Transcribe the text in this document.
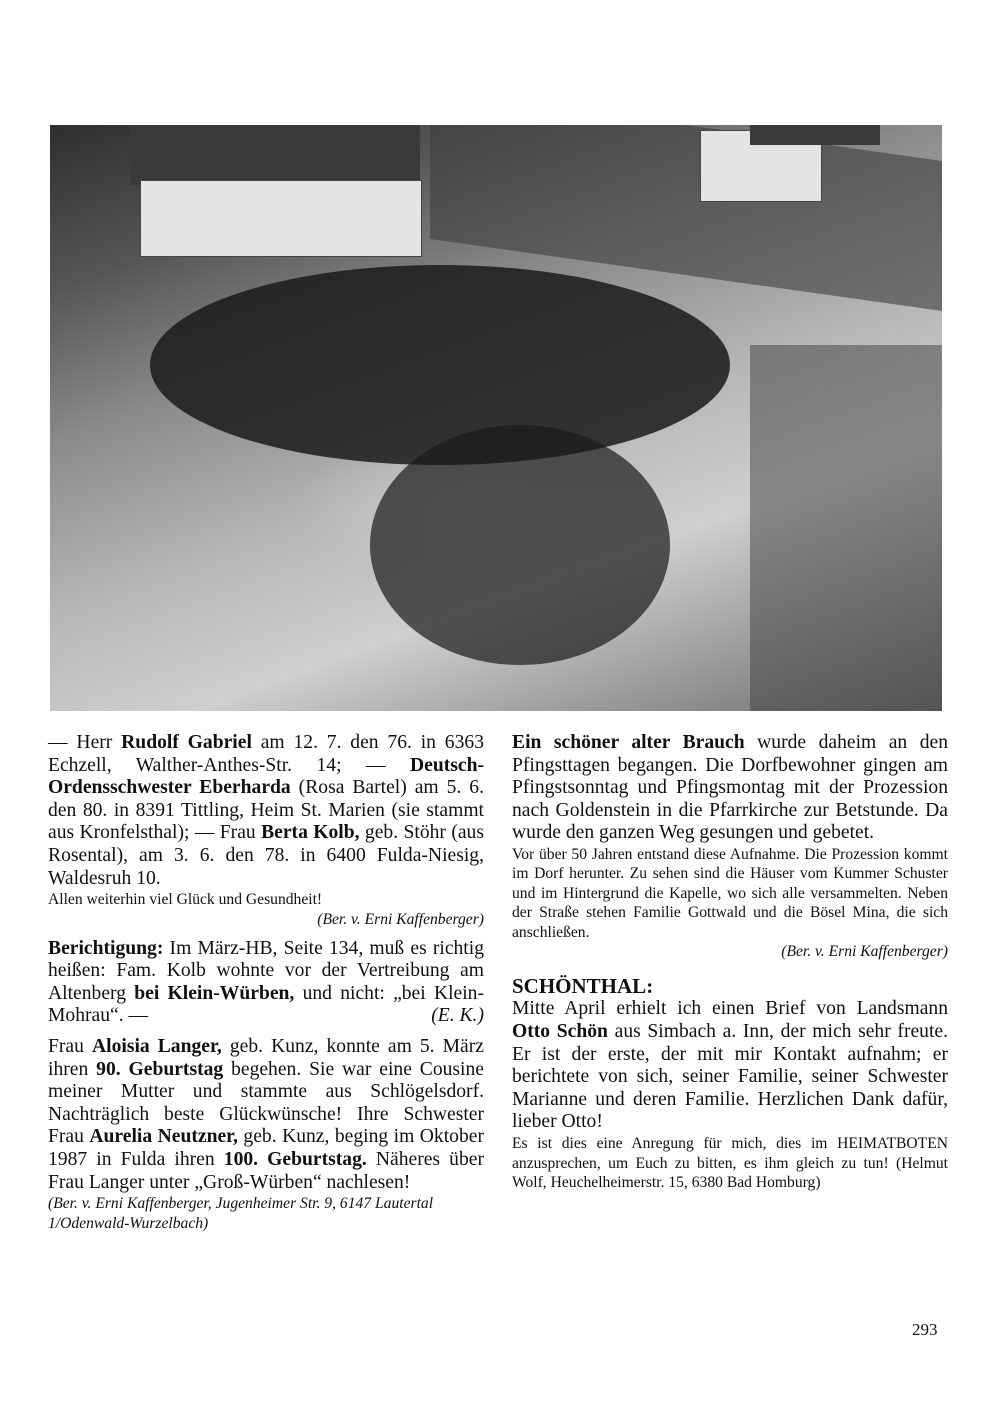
— Herr Rudolf Gabriel am 12. 7. den 76. in 6363 Echzell, Walther-Anthes-Str. 14; — Deutsch-Ordensschwester Eberharda (Rosa Bartel) am 5. 6. den 80. in 8391 Tittling, Heim St. Marien (sie stammt aus Kronfelsthal); — Frau Berta Kolb, geb. Stöhr (aus Rosental), am 3. 6. den 78. in 6400 Fulda-Niesig, Waldesruh 10.

Allen weiterhin viel Glück und Gesundheit!

(Ber. v. Erni Kaffenberger)

Berichtigung: Im März-HB, Seite 134, muß es richtig heißen: Fam. Kolb wohnte vor der Vertreibung am Altenberg bei Klein-Würben, und nicht: „bei Klein-Mohrau“. —	(E. K.)

Frau Aloisia Langer, geb. Kunz, konnte am 5. März ihren 90. Geburtstag begehen. Sie war eine Cousine meiner Mutter und stammte aus Schlögelsdorf. Nachträglich beste Glückwünsche! Ihre Schwester Frau Aurelia Neutzner, geb. Kunz, beging im Oktober 1987 in Fulda ihren 100. Geburtstag. Näheres über Frau Langer unter „Groß-Würben“ nachlesen!

(Ber. v. Erni Kaffenberger, Jugenheimer Str. 9, 6147 Lautertal 1/Odenwald-Wurzelbach)

Ein schöner alter Brauch wurde daheim an den Pfingsttagen begangen. Die Dorfbewohner gingen am Pfingstsonntag und Pfingsmontag mit der Prozession nach Goldenstein in die Pfarrkirche zur Betstunde. Da wurde den ganzen Weg gesungen und gebetet.

Vor über 50 Jahren entstand diese Aufnahme. Die Prozession kommt im Dorf herunter. Zu sehen sind die Häuser vom Kummer Schuster und im Hintergrund die Kapelle, wo sich alle versammelten. Neben der Straße stehen Familie Gottwald und die Bösel Mina, die sich anschließen.

(Ber. v. Erni Kaffenberger)

SCHÖNTHAL:

Mitte April erhielt ich einen Brief von Landsmann Otto Schön aus Simbach a. Inn, der mich sehr freute. Er ist der erste, der mit mir Kontakt aufnahm; er berichtete von sich, seiner Familie, seiner Schwester Marianne und deren Familie. Herzlichen Dank dafür, lieber Otto!

Es ist dies eine Anregung für mich, dies im HEIMATBOTEN anzusprechen, um Euch zu bitten, es ihm gleich zu tun! (Helmut Wolf, Heuchelheimerstr. 15, 6380 Bad Homburg)

293
